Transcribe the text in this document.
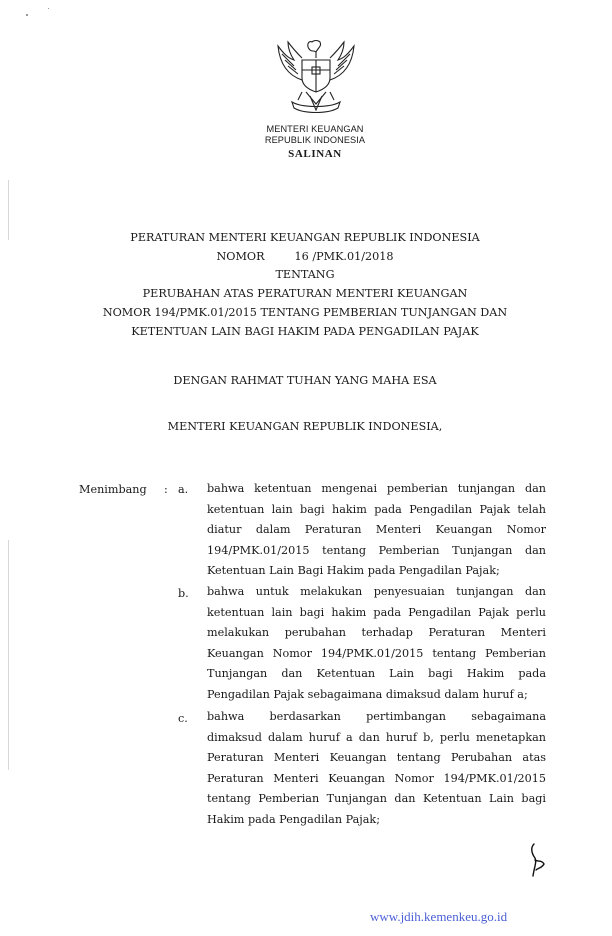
MENTERI KEUANGAN
REPUBLIK INDONESIA
SALINAN
PERATURAN MENTERI KEUANGAN REPUBLIK INDONESIA
NOMOR	16 /PMK.01/2018
TENTANG
PERUBAHAN ATAS PERATURAN MENTERI KEUANGAN
NOMOR 194/PMK.01/2015 TENTANG PEMBERIAN TUNJANGAN DAN
KETENTUAN LAIN BAGI HAKIM PADA PENGADILAN PAJAK
DENGAN RAHMAT TUHAN YANG MAHA ESA
MENTERI KEUANGAN REPUBLIK INDONESIA,
Menimbang : a. bahwa ketentuan mengenai pemberian tunjangan dan
ketentuan lain bagi hakim pada Pengadilan Pajak telah
diatur dalam Peraturan Menteri Keuangan Nomor
194/PMK.01/2015 tentang Pemberian Tunjangan dan
Ketentuan Lain Bagi Hakim pada Pengadilan Pajak;
b. bahwa untuk melakukan penyesuaian tunjangan dan
ketentuan lain bagi hakim pada Pengadilan Pajak perlu
melakukan perubahan terhadap Peraturan Menteri
Keuangan Nomor 194/PMK.01/2015 tentang Pemberian
Tunjangan dan Ketentuan Lain bagi Hakim pada
Pengadilan Pajak sebagaimana dimaksud dalam huruf a;
c. bahwa berdasarkan pertimbangan sebagaimana
dimaksud dalam huruf a dan huruf b, perlu menetapkan
Peraturan Menteri Keuangan tentang Perubahan atas
Peraturan Menteri Keuangan Nomor 194/PMK.01/2015
tentang Pemberian Tunjangan dan Ketentuan Lain bagi
Hakim pada Pengadilan Pajak;
www.jdih.kemenkeu.go.id
